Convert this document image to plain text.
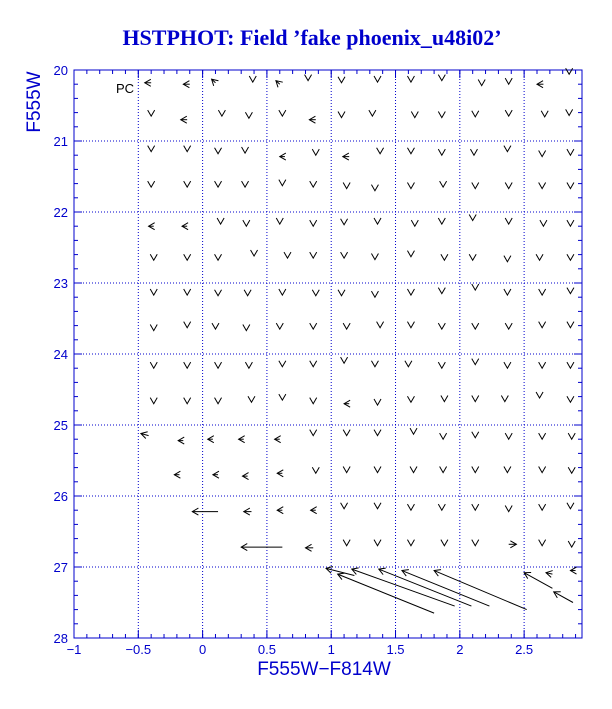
HSTPHOT: Field ’fake phoenix_u48i02’
−1	−0.5	0	0.5	1	1.5	2	2.5
20
21
22
23
24
25
26
27
28
PC
F555W−F814W
F555W
